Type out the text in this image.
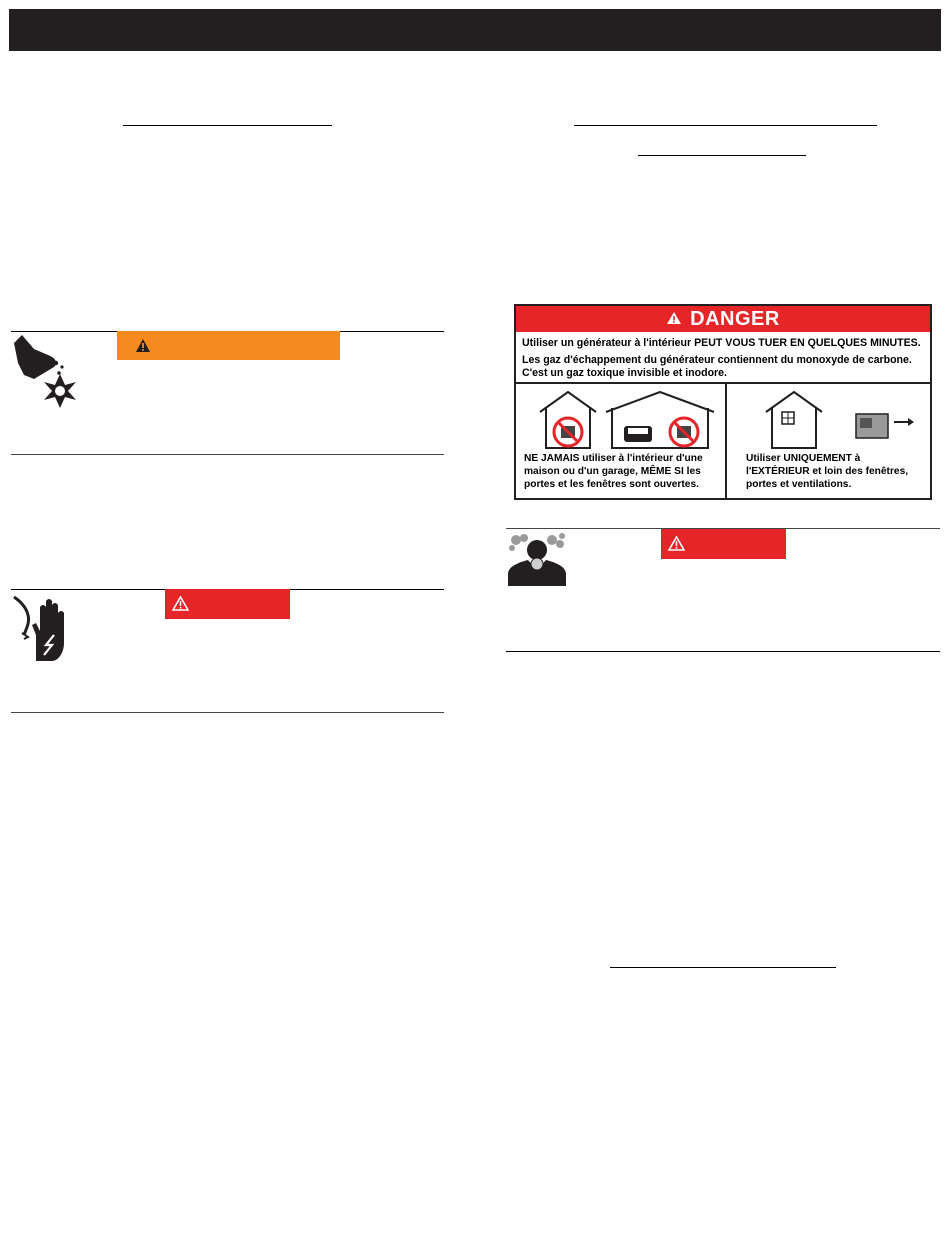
DANGER
Utiliser un générateur à l'intérieur PEUT VOUS TUER EN QUELQUES MINUTES.
Les gaz d'échappement du générateur contiennent du monoxyde de carbone. C'est un gaz toxique invisible et inodore.
NE JAMAIS utiliser à l'intérieur d'une maison ou d'un garage, MÊME SI les portes et les fenêtres sont ouvertes.
Utiliser UNIQUEMENT à l'EXTÉRIEUR et loin des fenêtres, portes et ventilations.
